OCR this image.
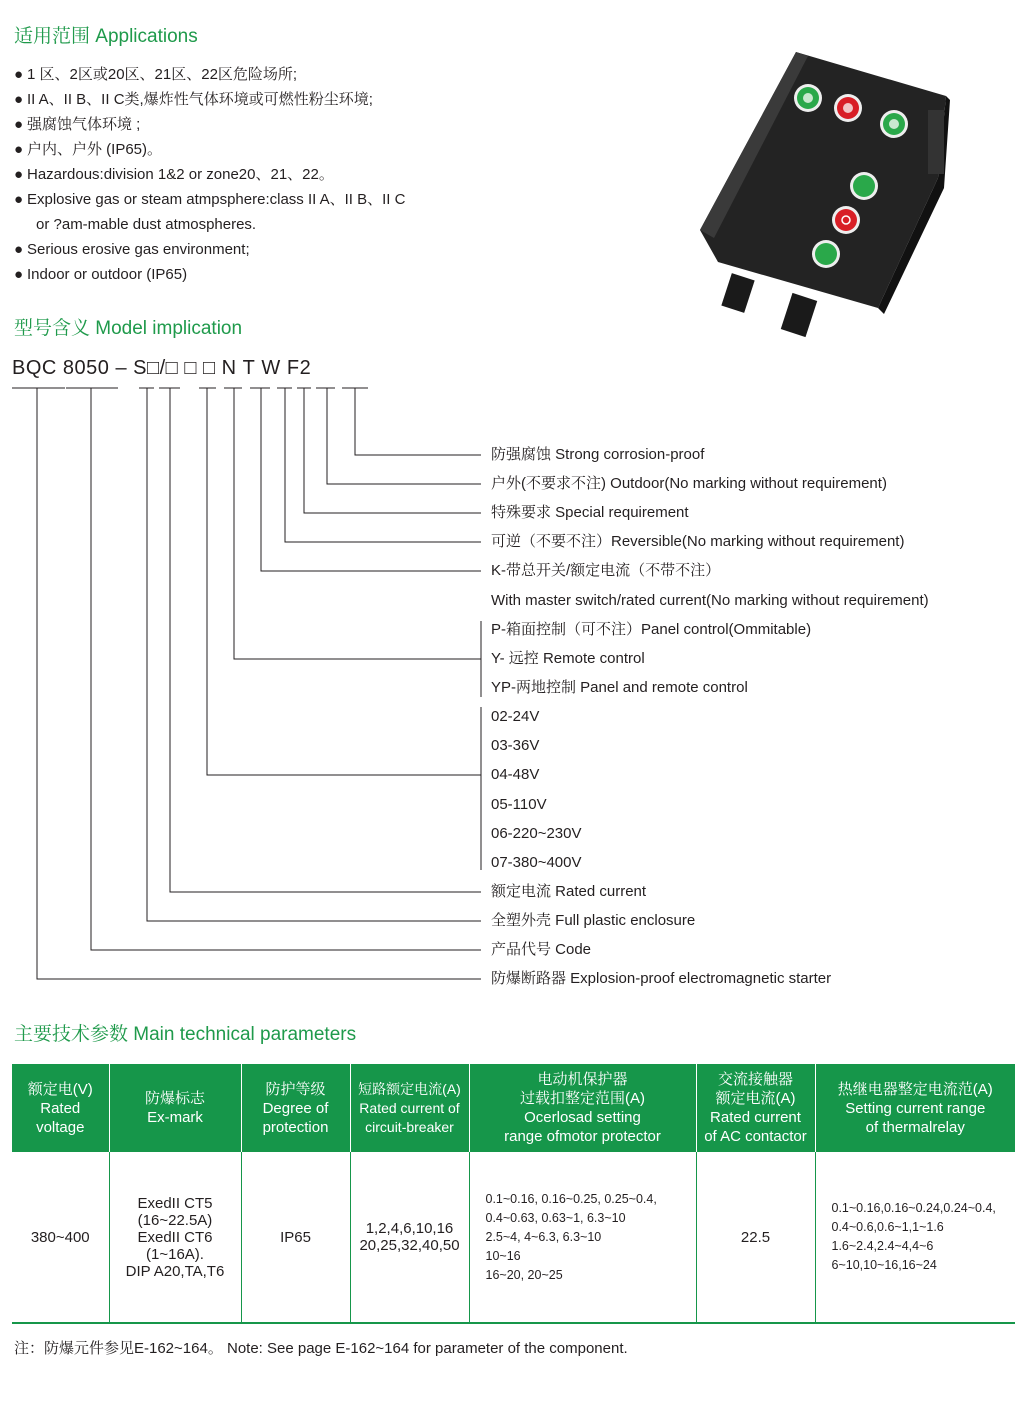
适用范围 Applications
● 1 区、2区或20区、21区、22区危险场所;
● II A、II B、II C类,爆炸性气体环境或可燃性粉尘环境;
● 强腐蚀气体环境 ;
● 户内、户外 (IP65)。
● Hazardous:division 1&2 or zone20、21、22。
● Explosive gas or steam atmpsphere:class II A、II B、II C
or ?am-mable dust atmospheres.
● Serious erosive gas environment;
● Indoor or outdoor (IP65)
型号含义 Model implication
BQC 8050 – S□/□ □ □ N T W F2
防强腐蚀 Strong corrosion-proof
户外(不要求不注) Outdoor(No marking without requirement)
特殊要求 Special requirement
可逆（不要不注）Reversible(No marking without requirement)
K-带总开关/额定电流（不带不注）
With master switch/rated current(No marking without requirement)
P-箱面控制（可不注）Panel control(Ommitable)
Y- 远控 Remote control
YP-两地控制 Panel and remote control
02-24V
03-36V
04-48V
05-110V
06-220~230V
07-380~400V
额定电流 Rated current
全塑外壳 Full plastic enclosure
产品代号 Code
防爆断路器 Explosion-proof electromagnetic starter
主要技术参数 Main technical parameters
额定电(V)
Rated
voltage	防爆标志
Ex-mark	防护等级
Degree of
protection	短路额定电流(A)
Rated current of
circuit-breaker	电动机保护器
过载扣整定范围(A)
Ocerlosad setting
range ofmotor protector	交流接触器
额定电流(A)
Rated current
of AC contactor	热继电器整定电流范(A)
Setting current range
of thermalrelay

380~400	ExedII CT5
(16~22.5A)
ExedII CT6
(1~16A).
DIP A20,TA,T6	IP65	1,2,4,6,10,16
20,25,32,40,50	0.1~0.16, 0.16~0.25, 0.25~0.4,
0.4~0.63, 0.63~1, 6.3~10
2.5~4, 4~6.3, 6.3~10
10~16
16~20, 20~25	22.5	0.1~0.16,0.16~0.24,0.24~0.4,
0.4~0.6,0.6~1,1~1.6
1.6~2.4,2.4~4,4~6
6~10,10~16,16~24
注：防爆元件参见E-162~164。 Note: See page E-162~164 for parameter of the component.
